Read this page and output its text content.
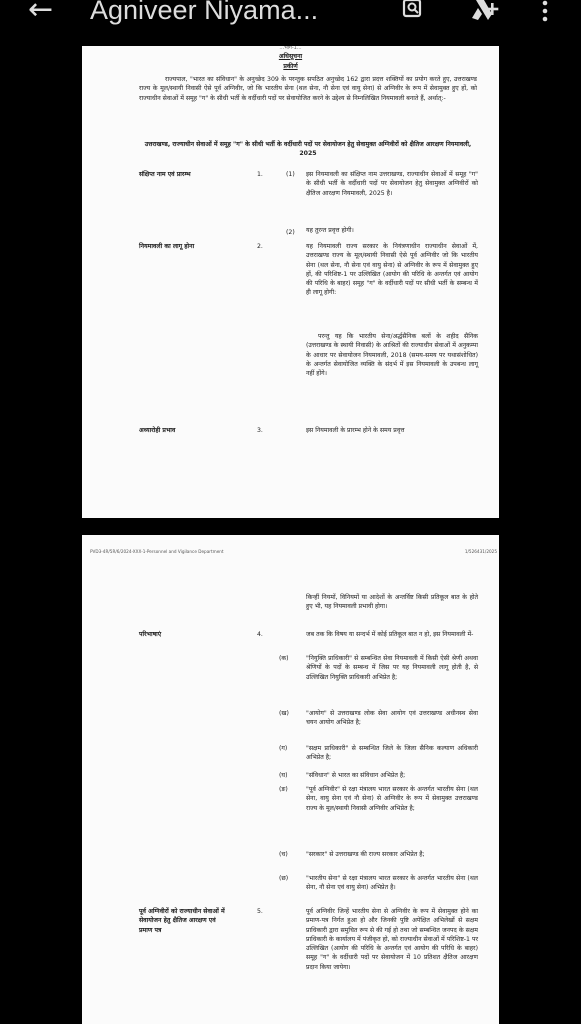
← Agniveer Niyama...
...भाग-1...
अधिसूचना
प्रकीर्ण
राज्यपाल, "भारत का संविधान" के अनुच्छेद 309 के परन्तुक सपठित अनुच्छेद 162 द्वारा प्रदत्त शक्तियों का प्रयोग करते हुए, उत्तराखण्ड राज्य के मूल/स्थायी निवासी ऐसे पूर्व अग्निवीर, जो कि भारतीय सेना (थल सेना, नौ सेना एवं वायु सेना) से अग्निवीर के रूप में सेवामुक्त हुए हों, को राज्याधीन सेवाओं में समूह "ग" के सीधी भर्ती के वर्दीधारी पदों पर सेवायोजित करने के उद्देश्य से निम्नलिखित नियमावली बनाते हैं, अर्थात्:-
उत्तराखण्ड, राज्याधीन सेवाओं में समूह "ग" के सीधी भर्ती के वर्दीधारी पदों पर सेवायोजन हेतु सेवामुक्त अग्निवीरों को क्षैतिज आरक्षण नियमावली, 2025
संक्षिप्त नाम एवं प्रारम्भ	1.	(1)	इस नियमावली का संक्षिप्त नाम उत्तराखण्ड, राज्याधीन सेवाओं में समूह "ग" के सीधी भर्ती के वर्दीधारी पदों पर सेवायोजन हेतु सेवामुक्त अग्निवीरों को क्षैतिज आरक्षण नियमावली, 2025 है।
(2)	यह तुरन्त प्रवृत्त होगी।
नियमावली का लागू होना	2.	यह नियमावली राज्य सरकार के नियंत्रणाधीन राज्याधीन सेवाओं में, उत्तराखण्ड राज्य के मूल/स्थायी निवासी ऐसे पूर्व अग्निवीर जो कि भारतीय सेना (थल सेना, नौ सेना एवं वायु सेना) से अग्निवीर के रूप में सेवामुक्त हुए हों, की परिशिष्ट-1 पर उल्लिखित (आयोग की परिधि के अन्तर्गत एवं आयोग की परिधि के बाहर) समूह "ग" के वर्दीधारी पदों पर सीधी भर्ती के सम्बन्ध में ही लागू होगी:
परन्तु यह कि भारतीय सेना/अर्द्धसैनिक बलों के शहीद सैनिक (उत्तराखण्ड के स्थायी निवासी) के आश्रितों की राज्याधीन सेवाओं में अनुकम्पा के आधार पर सेवायोजन नियमावली, 2018 (समय-समय पर यथासंशोधित) के अन्तर्गत सेवायोजित व्यक्ति के संदर्भ में इस नियमावली के उपबन्ध लागू नहीं होंगे।
अध्यारोही प्रभाव	3.	इस नियमावली के प्रारम्भ होने के समय प्रवृत्त
PVD3-4R/5R/6/2024-XXX-1-Personnel and Vigilance Department	1/526431/2025
किन्हीं नियमों, विनियमों या आदेशों के अन्तर्विष्ट किसी प्रतिकूल बात के होते हुए भी, यह नियमावली प्रभावी होगा।
परिभाषाएं	4.	जब तक कि विषय या सन्दर्भ में कोई प्रतिकूल बात न हो, इस नियमावली में-
(क)	"नियुक्ति प्राधिकारी" से सम्बन्धित सेवा नियमावली में किसी ऐसी श्रेणी अथवा श्रेणियों के पदों के सम्बन्ध में जिस पर यह नियमावली लागू होती है, से उल्लिखित नियुक्ति प्राधिकारी अभिप्रेत है;
(ख)	"आयोग" से उत्तराखण्ड लोक सेवा आयोग एवं उत्तराखण्ड अधीनस्थ सेवा चयन आयोग अभिप्रेत है;
(ग)	"सक्षम प्राधिकारी" से सम्बन्धित जिले के जिला सैनिक कल्याण अधिकारी अभिप्रेत है;
(घ)	"संविधान" से भारत का संविधान अभिप्रेत है;
(ङ)	"पूर्व अग्निवीर" से रक्षा मंत्रालय भारत सरकार के अन्तर्गत भारतीय सेना (थल सेना, वायु सेना एवं नौ सेना) से अग्निवीर के रूप में सेवामुक्त उत्तराखण्ड राज्य के मूल/स्थायी निवासी अग्निवीर अभिप्रेत है;
(च)	"सरकार" से उत्तराखण्ड की राज्य सरकार अभिप्रेत है;
(छ)	"भारतीय सेना" से रक्षा मंत्रालय भारत सरकार के अन्तर्गत भारतीय सेना (थल सेना, नौ सेना एवं वायु सेना) अभिप्रेत है।
पूर्व अग्निवीरों को राज्याधीन सेवाओं में सेवायोजन हेतु क्षैतिज आरक्षण एवं प्रमाण पत्र
5.	पूर्व अग्निवीर जिन्हें भारतीय सेना से अग्निवीर के रूप में सेवामुक्त होने का प्रमाण-पत्र निर्गत हुआ हो और जिनकी पुष्टि अपेक्षित अभिलेखों से सक्षम प्राधिकारी द्वारा समुचित रूप से की गई हो तथा जो सम्बन्धित जनपद के सक्षम प्राधिकारी के कार्यालय में पंजीकृत हो, को राज्याधीन सेवाओं में परिशिष्ट-1 पर उल्लिखित (आयोग की परिधि के अन्तर्गत एवं आयोग की परिधि के बाहर) समूह "ग" के वर्दीधारी पदों पर सेवायोजन में 10 प्रतिशत क्षैतिज आरक्षण प्रदान किया जायेगा।
